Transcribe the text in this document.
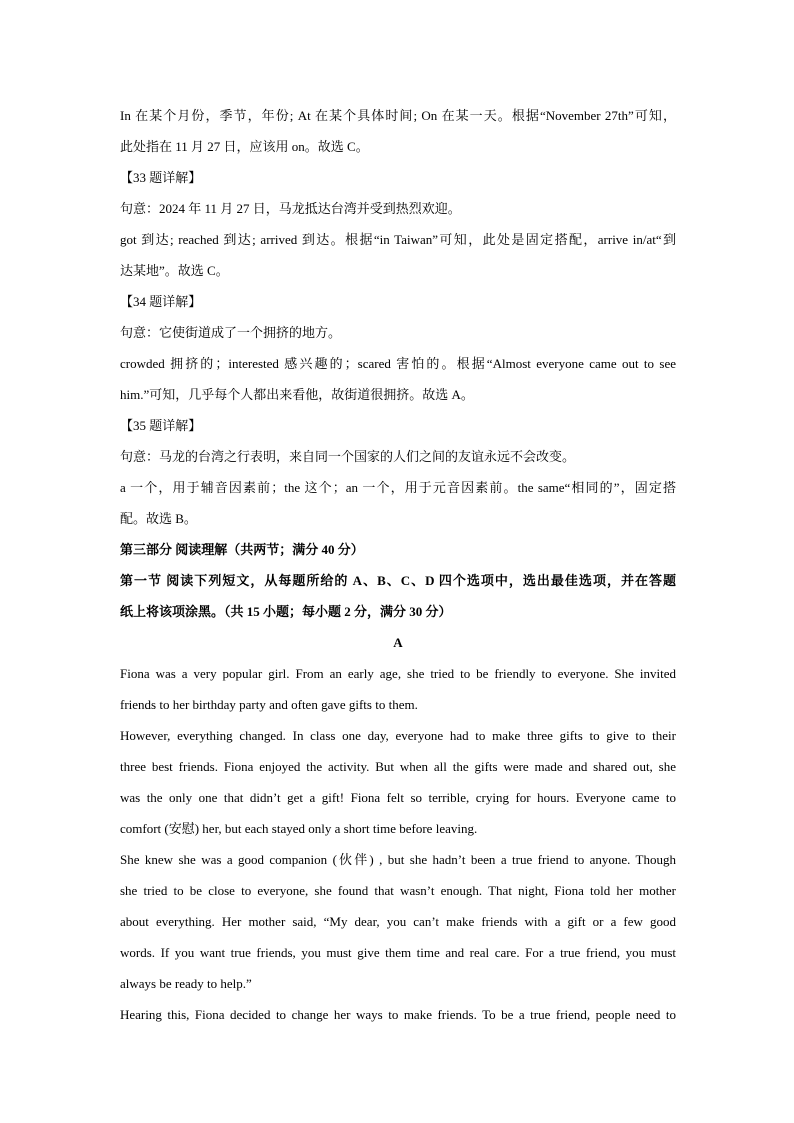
In 在某个月份，季节，年份; At 在某个具体时间; On 在某一天。根据“November 27th”可知，
此处指在 11 月 27 日，应该用 on。故选 C。
【33 题详解】
句意：2024 年 11 月 27 日，马龙抵达台湾并受到热烈欢迎。
got 到达; reached 到达; arrived 到达。根据“in Taiwan”可知，此处是固定搭配，arrive in/at“到
达某地”。故选 C。
【34 题详解】
句意：它使街道成了一个拥挤的地方。
crowded 拥挤的；interested 感兴趣的；scared 害怕的。根据“Almost everyone came out to see
him.”可知，几乎每个人都出来看他，故街道很拥挤。故选 A。
【35 题详解】
句意：马龙的台湾之行表明，来自同一个国家的人们之间的友谊永远不会改变。
a 一个，用于辅音因素前；the 这个；an 一个，用于元音因素前。the same“相同的”，固定搭
配。故选 B。
第三部分 阅读理解（共两节；满分 40 分）
第一节 阅读下列短文，从每题所给的 A、B、C、D 四个选项中，选出最佳选项，并在答题
纸上将该项涂黑。（共 15 小题；每小题 2 分，满分 30 分）
A
Fiona was a very popular girl. From an early age, she tried to be friendly to everyone. She invited
friends to her birthday party and often gave gifts to them.
However, everything changed. In class one day, everyone had to make three gifts to give to their
three best friends. Fiona enjoyed the activity. But when all the gifts were made and shared out, she
was the only one that didn’t get a gift! Fiona felt so terrible, crying for hours. Everyone came to
comfort (安慰) her, but each stayed only a short time before leaving.
She knew she was a good companion (伙伴) , but she hadn’t been a true friend to anyone. Though
she tried to be close to everyone, she found that wasn’t enough. That night, Fiona told her mother
about everything. Her mother said, “My dear, you can’t make friends with a gift or a few good
words. If you want true friends, you must give them time and real care. For a true friend, you must
always be ready to help.”
Hearing this, Fiona decided to change her ways to make friends. To be a true friend, people need to
